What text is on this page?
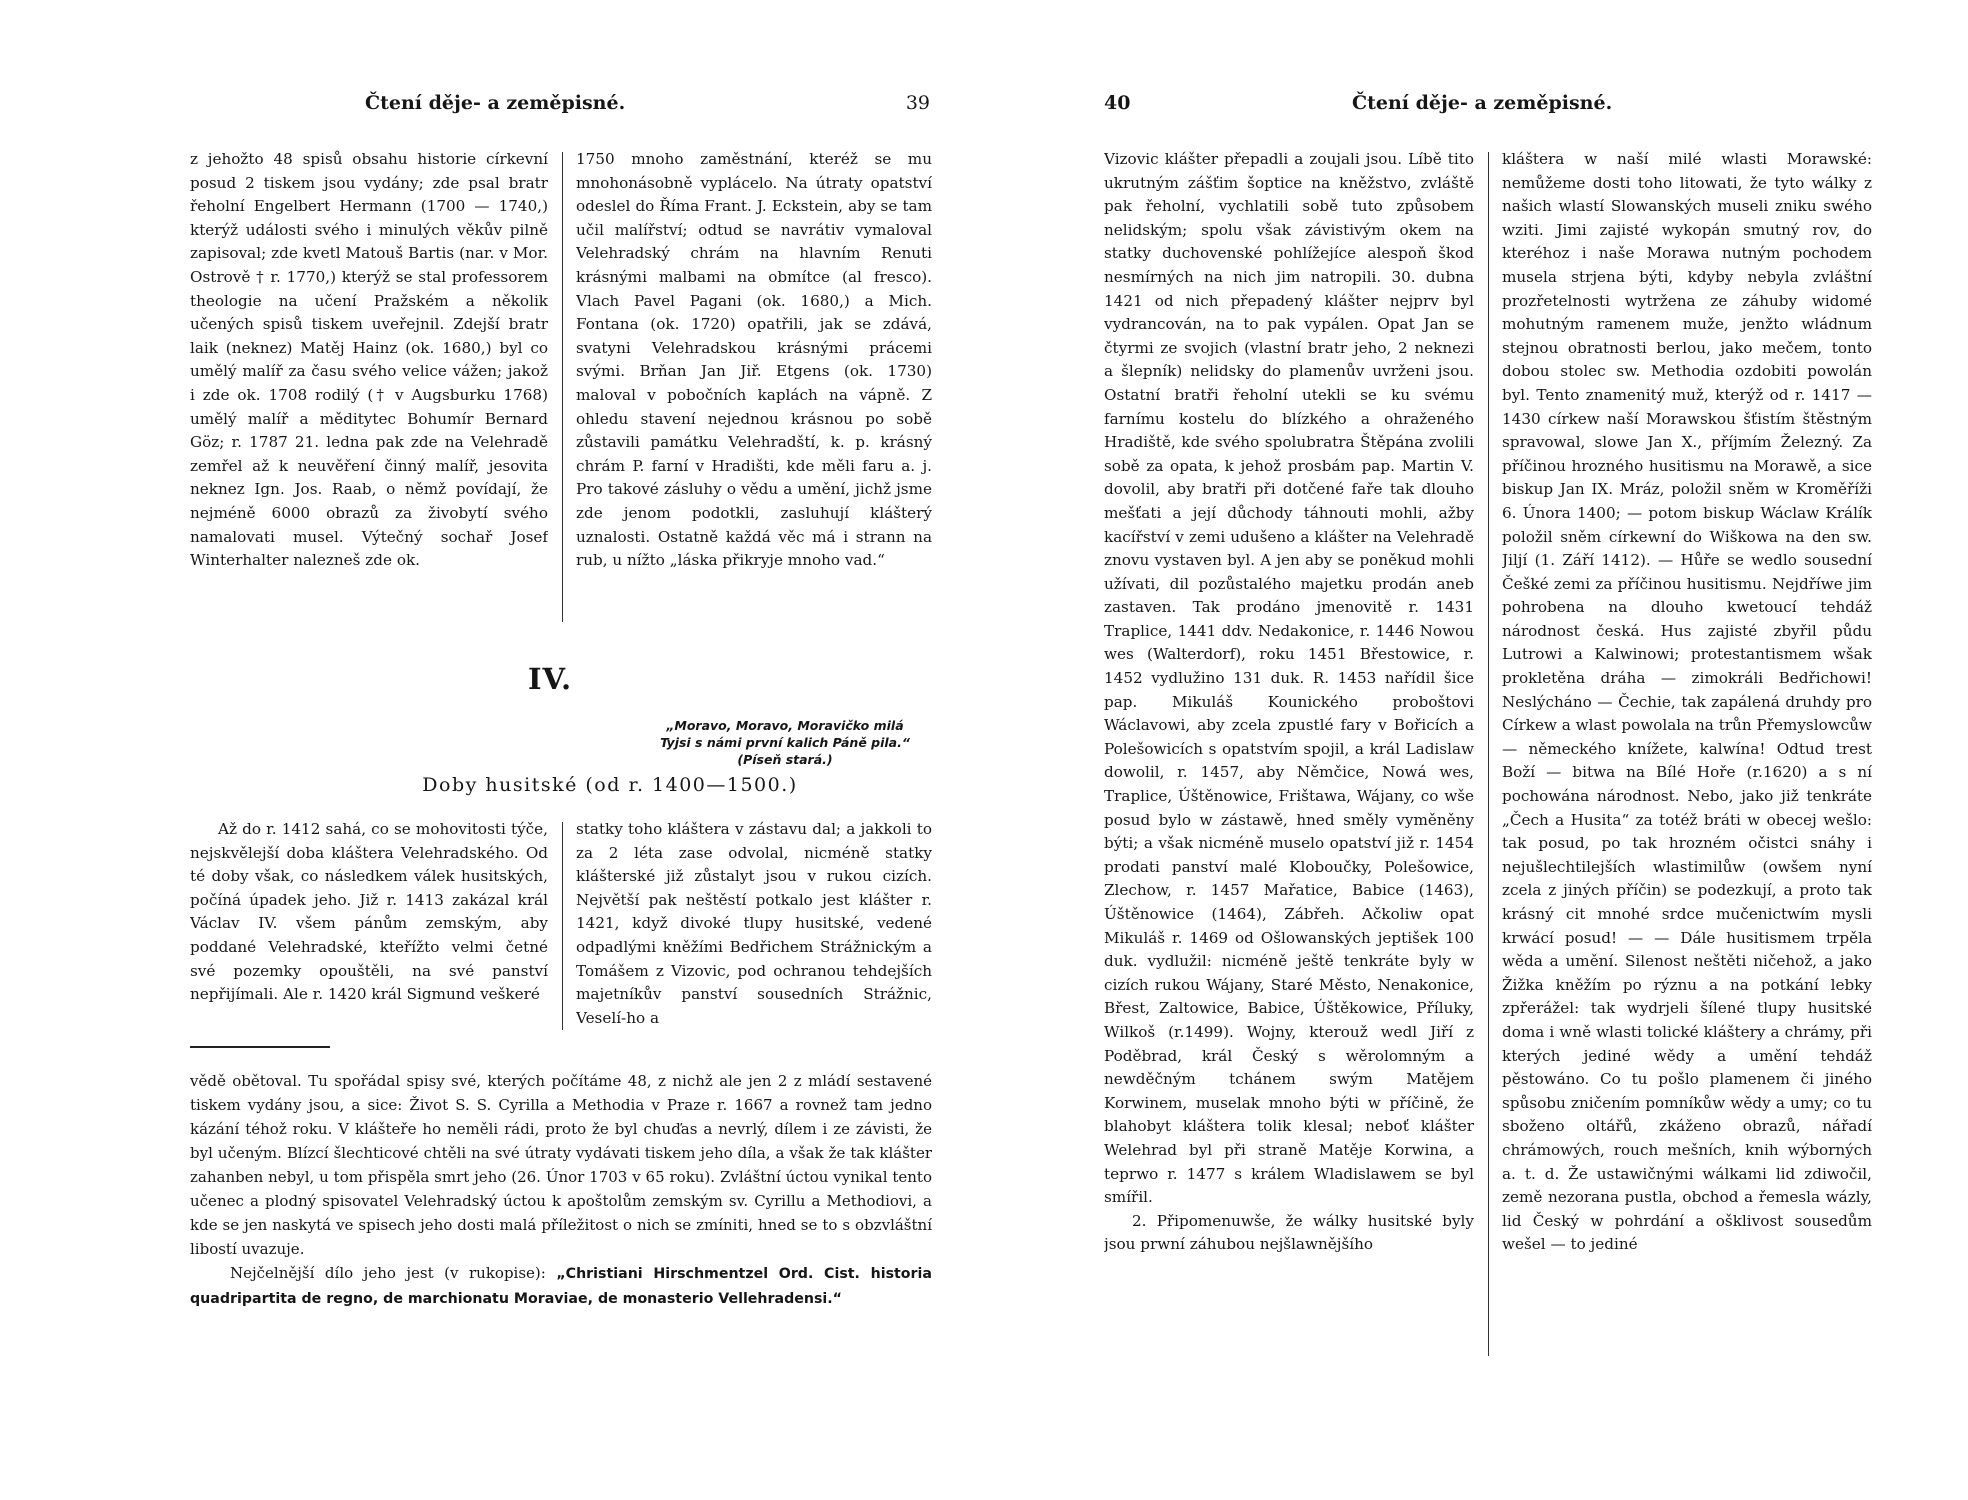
Čtení děje- a zeměpisné.	39

z jehožto 48 spisů obsahu historie církevní posud 2 tiskem jsou vydány; zde psal bratr řeholní Engelbert Hermann (1700 — 1740,) kterýž události svého i minulých věkův pilně zapisoval; zde kvetl Matouš Bartis (nar. v Mor. Ostrově † r. 1770,) kterýž se stal professorem theologie na učení Pražském a několik učených spisů tiskem uveřejnil. Zdejší bratr laik (neknez) Matěj Hainz (ok. 1680,) byl co umělý malíř za času svého velice vážen; jakož i zde ok. 1708 rodilý († v Augsburku 1768) umělý malíř a měditytec Bohumír Bernard Göz; r. 1787 21. ledna pak zde na Velehradě zemřel až k neuvěření činný malíř, jesovita neknez Ign. Jos. Raab, o němž povídají, že nejméně 6000 obrazů za živobytí svého namalovati musel. Výtečný sochař Josef Winterhalter nalezneš zde ok.

1750 mnoho zaměstnání, kteréž se mu mnohonásobně vyplácelo. Na útraty opatství odeslel do Říma Frant. J. Eckstein, aby se tam učil malířství; odtud se navrátiv vymaloval Velehradský chrám na hlavním Renuti krásnými malbami na obmítce (al fresco). Vlach Pavel Pagani (ok. 1680,) a Mich. Fontana (ok. 1720) opatřili, jak se zdává, svatyni Velehradskou krásnými prácemi svými. Brňan Jan Jiř. Etgens (ok. 1730) maloval v pobočních kaplách na vápně. Z ohledu stavení nejednou krásnou po sobě zůstavili památku Velehradští, k. p. krásný chrám P. farní v Hradišti, kde měli faru a. j. Pro takové zásluhy o vědu a umění, jichž jsme zde jenom podotkli, zasluhují klášterý uznalosti. Ostatně každá věc má i strann na rub, u nížto „láska přikryje mnoho vad.“

IV.
„Moravo, Moravo, Moravičko milá
Tyjsi s námi první kalich Páně pila.“
(Píseň stará.)
Doby husitské (od r. 1400—1500.)

Až do r. 1412 sahá, co se mohovitosti týče, nejskvělejší doba kláštera Velehradského. Od té doby však, co následkem válek husitských, počíná úpadek jeho. Již r. 1413 zakázal král Václav IV. všem pánům zemským, aby poddané Velehradské, kteřížto velmi četné své pozemky opouštěli, na své panství nepřijímali. Ale r. 1420 král Sigmund veškeré

statky toho kláštera v zástavu dal; a jakkoli to za 2 léta zase odvolal, nicméně statky klášterské již zůstalyt jsou v rukou cizích. Největší pak neštěstí potkalo jest klášter r. 1421, když divoké tlupy husitské, vedené odpadlými kněžími Bedřichem Strážnickým a Tomášem z Vizovic, pod ochranou tehdejších majetníkův panství sousedních Strážnic, Veselí-ho a

vědě obětoval. Tu spořádal spisy své, kterých počítáme 48, z nichž ale jen 2 z mládí sestavené tiskem vydány jsou, a sice: Život S. S. Cyrilla a Methodia v Praze r. 1667 a rovnež tam jedno kázání téhož roku. V klášteře ho neměli rádi, proto že byl chuďas a nevrlý, dílem i ze závisti, že byl učeným. Blízcí šlechticové chtěli na své útraty vydávati tiskem jeho díla, a však že tak klášter zahanben nebyl, u tom přispěla smrt jeho (26. Únor 1703 v 65 roku). Zvláštní úctou vynikal tento učenec a plodný spisovatel Velehradský úctou k apoštolům zemským sv. Cyrillu a Methodiovi, a kde se jen naskytá ve spisech jeho dosti malá příležitost o nich se zmíniti, hned se to s obzvláštní libostí uvazuje.

Nejčelnější dílo jeho jest (v rukopise): „Christiani Hirschmentzel Ord. Cist. historia quadripartita de regno, de marchionatu Moraviae, de monasterio Vellehradensi.“

40	Čtení děje- a zeměpisné.

Vizovic klášter přepadli a zoujali jsou. Líbě tito ukrutným zášťim šoptice na kněžstvo, zvláště pak řeholní, vychlatili sobě tuto způsobem nelidským; spolu však závistivým okem na statky duchovenské pohlížejíce alespoň škod nesmírných na nich jim natropili. 30. dubna 1421 od nich přepadený klášter nejprv byl vydrancován, na to pak vypálen. Opat Jan se čtyrmi ze svojich (vlastní bratr jeho, 2 neknezi a šlepník) nelidsky do plamenův uvrženi jsou. Ostatní bratři řeholní utekli se ku svému farnímu kostelu do blízkého a ohraženého Hradiště, kde svého spolubratra Štěpána zvolili sobě za opata, k jehož prosbám pap. Martin V. dovolil, aby bratři při dotčené faře tak dlouho mešťati a její důchody táhnouti mohli, ažby kacířství v zemi udušeno a klášter na Velehradě znovu vystaven byl. A jen aby se poněkud mohli užívati, dil pozůstalého majetku prodán aneb zastaven. Tak prodáno jmenovitě r. 1431 Traplice, 1441 ddv. Nedakonice, r. 1446 Nowou wes (Walterdorf), roku 1451 Břestowice, r. 1452 vydlužino 131 duk. R. 1453 nařídil šice pap. Mikuláš Kounického proboštovi Wáclavowi, aby zcela zpustlé fary v Bořicích a Polešowicích s opatstvím spojil, a král Ladislaw dowolil, r. 1457, aby Němčice, Nowá wes, Traplice, Úštěnowice, Frištawa, Wájany, co wše posud bylo w zástawě, hned směly vyměněny býti; a však nicméně muselo opatství již r. 1454 prodati panství malé Kloboučky, Polešowice, Zlechow, r. 1457 Mařatice, Babice (1463), Úštěnowice (1464), Zábřeh. Ačkoliw opat Mikuláš r. 1469 od Ošlowanských jeptišek 100 duk. vydlužil: nicméně ještě tenkráte byly w cizích rukou Wájany, Staré Město, Nenakonice, Břest, Zaltowice, Babice, Úštěkowice, Příluky, Wilkoš (r.1499). Wojny, kterouž wedl Jiří z Poděbrad, král Český s wěrolomným a newděčným tchánem swým Matějem Korwinem, muselak mnoho býti w příčině, že blahobyt kláštera tolik klesal; neboť klášter Welehrad byl při straně Matěje Korwina, a teprwo r. 1477 s králem Wladislawem se byl smířil.

2. Připomenuwše, že wálky husitské byly jsou prwní záhubou nejšlawnějšího

kláštera w naší milé wlasti Morawské: nemůžeme dosti toho litowati, že tyto wálky z našich wlastí Slowanských museli zniku swého wziti. Jimi zajisté wykopán smutný rov, do kteréhoz i naše Morawa nutným pochodem musela strjena býti, kdyby nebyla zvláštní prozřetelnosti wytržena ze záhuby widomé mohutným ramenem muže, jenžto wládnum stejnou obratnosti berlou, jako mečem, tonto dobou stolec sw. Methodia ozdobiti powolán byl. Tento znamenitý muž, kterýž od r. 1417 — 1430 církew naší Morawskou šťistím štěstným spravowal, slowe Jan X., příjmím Železný. Za příčinou hrozného husitismu na Morawě, a sice biskup Jan IX. Mráz, položil sněm w Kroměříži 6. Února 1400; — potom biskup Wáclaw Králík položil sněm církewní do Wiškowa na den sw. Jiljí (1. Září 1412). — Hůře se wedlo sousední Češké zemi za příčinou husitismu. Nejdříwe jim pohrobena na dlouho kwetoucí tehdáž národnost česká. Hus zajisté zbyřil půdu Lutrowi a Kalwinowi; protestantismem wšak prokletěna dráha — zimokráli Bedřichowi! Neslýcháno — Čechie, tak zapálená druhdy pro Církew a wlast powolala na trůn Přemyslowcůw — německého knížete, kalwína! Odtud trest Boží — bitwa na Bílé Hoře (r.1620) a s ní pochowána národnost. Nebo, jako již tenkráte „Čech a Husita“ za totéž bráti w obecej wešlo: tak posud, po tak hrozném očistci snáhy i nejušlechtilejších wlastimilůw (owšem nyní zcela z jiných příčin) se podezkují, a proto tak krásný cit mnohé srdce mučenictwím mysli krwácí posud! — — Dále husitismem trpěla wěda a umění. Silenost neštěti ničehož, a jako Žižka kněžím po rýznu a na potkání lebky zpřerážel: tak wydrjeli šílené tlupy husitské doma i wně wlasti tolické kláštery a chrámy, při kterých jediné wědy a umění tehdáž pěstowáno. Co tu pošlo plamenem či jiného spůsobu zničením pomníkůw wědy a umy; co tu sboženo oltářů, zkáženo obrazů, nářadí chrámowých, rouch mešních, knih wýborných a. t. d. Že ustawičnými wálkami lid zdiwočil, země nezorana pustla, obchod a řemesla wázly, lid Český w pohrdání a ošklivost sousedům wešel — to jediné
